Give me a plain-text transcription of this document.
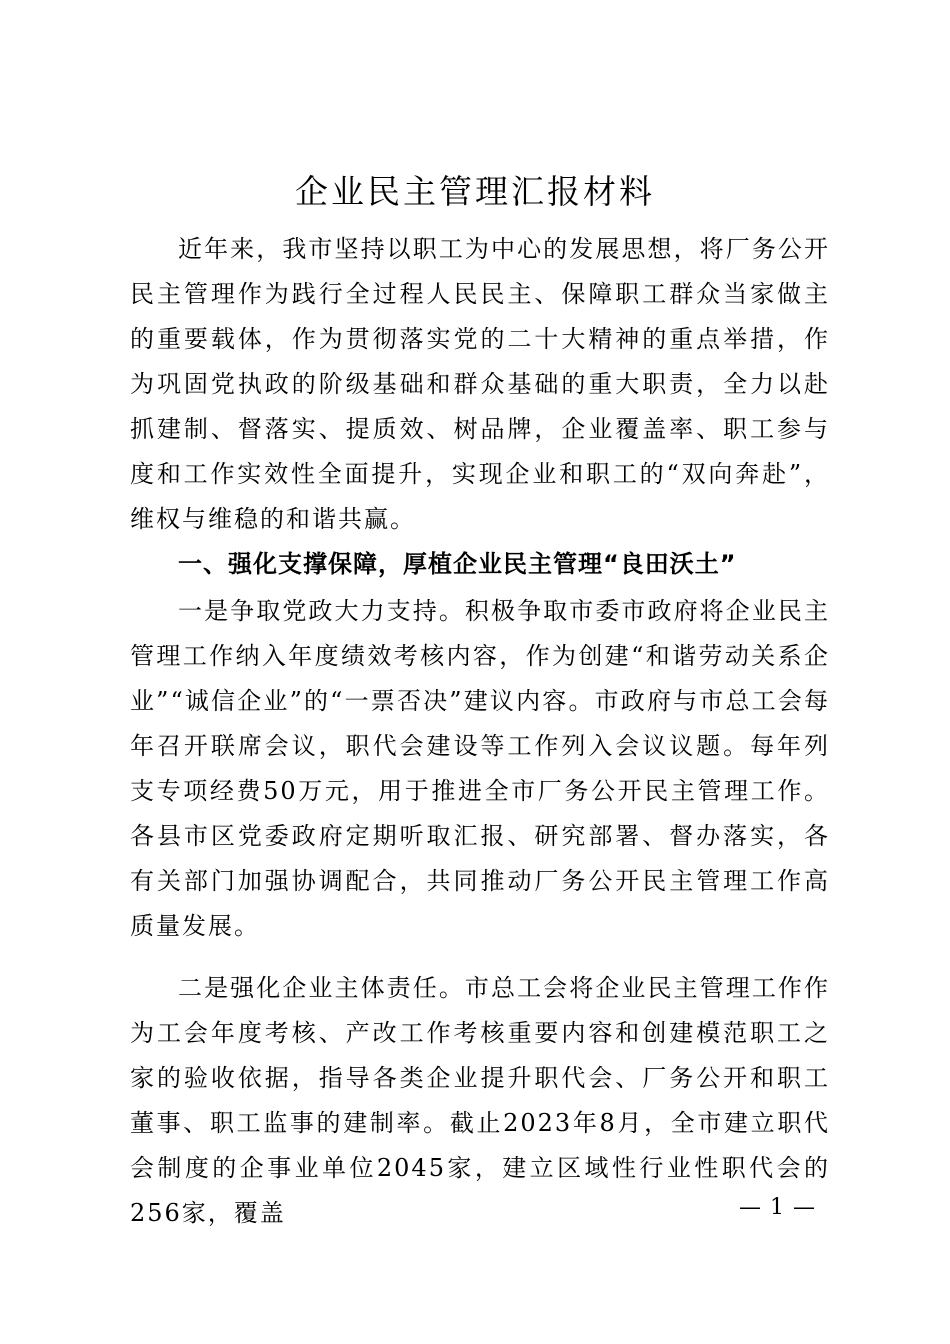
企业民主管理汇报材料

近年来，我市坚持以职工为中心的发展思想，将厂务公开民主管理作为践行全过程人民民主、保障职工群众当家做主的重要载体，作为贯彻落实党的二十大精神的重点举措，作为巩固党执政的阶级基础和群众基础的重大职责，全力以赴抓建制、督落实、提质效、树品牌，企业覆盖率、职工参与度和工作实效性全面提升，实现企业和职工的“双向奔赴”，维权与维稳的和谐共赢。

一、强化支撑保障，厚植企业民主管理“良田沃土”

一是争取党政大力支持。积极争取市委市政府将企业民主管理工作纳入年度绩效考核内容，作为创建“和谐劳动关系企业”“诚信企业”的“一票否决”建议内容。市政府与市总工会每年召开联席会议，职代会建设等工作列入会议议题。每年列支专项经费50万元，用于推进全市厂务公开民主管理工作。各县市区党委政府定期听取汇报、研究部署、督办落实，各有关部门加强协调配合，共同推动厂务公开民主管理工作高质量发展。

二是强化企业主体责任。市总工会将企业民主管理工作作为工会年度考核、产改工作考核重要内容和创建模范职工之家的验收依据，指导各类企业提升职代会、厂务公开和职工董事、职工监事的建制率。截止2023年8月，全市建立职代会制度的企事业单位2045家，建立区域性行业性职代会的256家，覆盖	— 1 —
